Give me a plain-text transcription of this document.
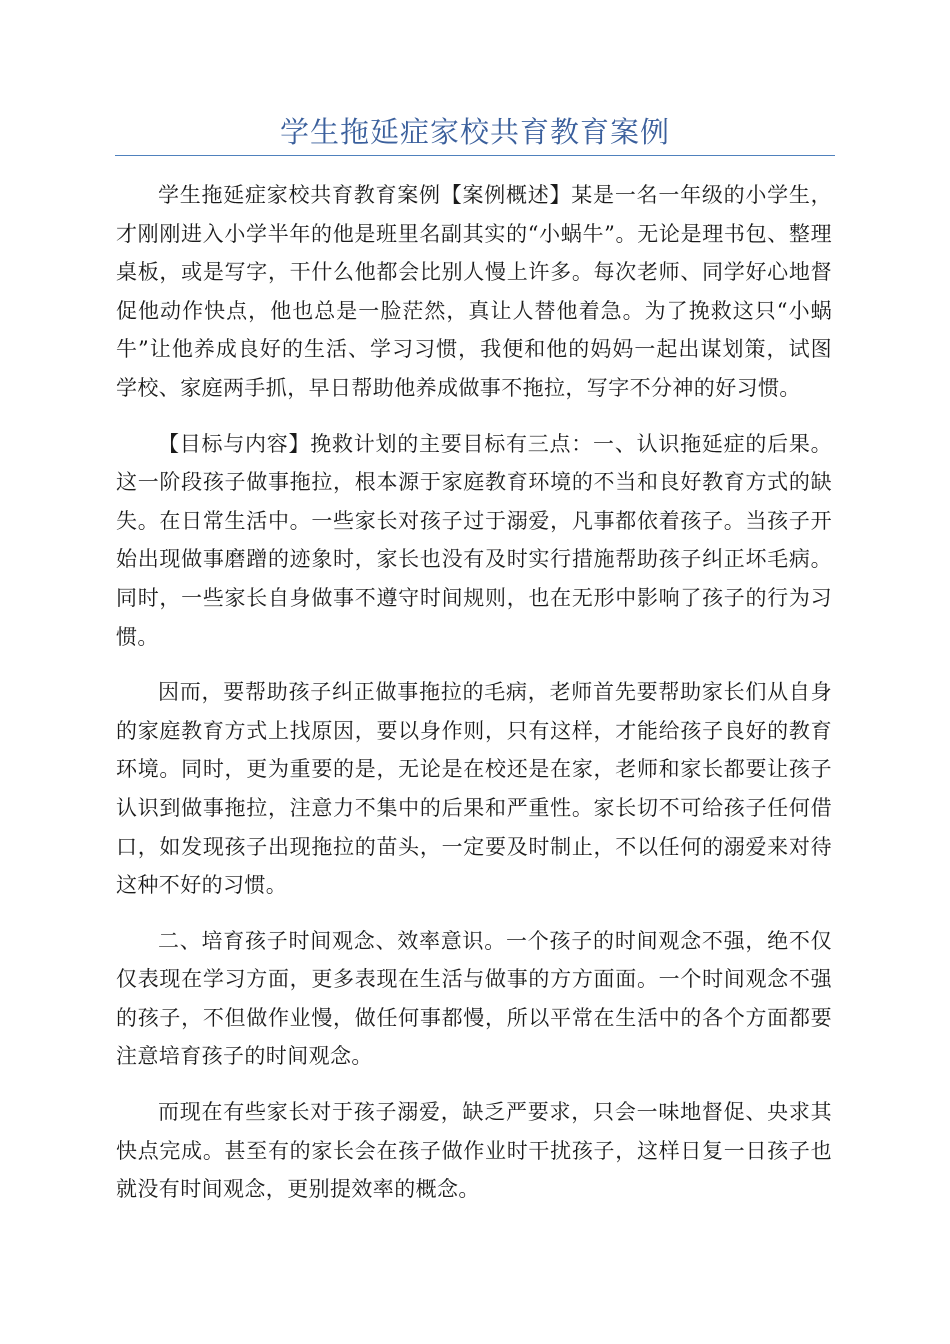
学生拖延症家校共育教育案例

学生拖延症家校共育教育案例【案例概述】某是一名一年级的小学生，才刚刚进入小学半年的他是班里名副其实的“小蜗牛”。无论是理书包、整理桌板，或是写字，干什么他都会比别人慢上许多。每次老师、同学好心地督促他动作快点，他也总是一脸茫然，真让人替他着急。为了挽救这只“小蜗牛”让他养成良好的生活、学习习惯，我便和他的妈妈一起出谋划策，试图学校、家庭两手抓，早日帮助他养成做事不拖拉，写字不分神的好习惯。

【目标与内容】挽救计划的主要目标有三点：一、认识拖延症的后果。这一阶段孩子做事拖拉，根本源于家庭教育环境的不当和良好教育方式的缺失。在日常生活中。一些家长对孩子过于溺爱，凡事都依着孩子。当孩子开始出现做事磨蹭的迹象时，家长也没有及时实行措施帮助孩子纠正坏毛病。同时，一些家长自身做事不遵守时间规则，也在无形中影响了孩子的行为习惯。

因而，要帮助孩子纠正做事拖拉的毛病，老师首先要帮助家长们从自身的家庭教育方式上找原因，要以身作则，只有这样，才能给孩子良好的教育环境。同时，更为重要的是，无论是在校还是在家，老师和家长都要让孩子认识到做事拖拉，注意力不集中的后果和严重性。家长切不可给孩子任何借口，如发现孩子出现拖拉的苗头，一定要及时制止，不以任何的溺爱来对待这种不好的习惯。

二、培育孩子时间观念、效率意识。一个孩子的时间观念不强，绝不仅仅表现在学习方面，更多表现在生活与做事的方方面面。一个时间观念不强的孩子，不但做作业慢，做任何事都慢，所以平常在生活中的各个方面都要注意培育孩子的时间观念。

而现在有些家长对于孩子溺爱，缺乏严要求，只会一味地督促、央求其快点完成。甚至有的家长会在孩子做作业时干扰孩子，这样日复一日孩子也就没有时间观念，更别提效率的概念。
